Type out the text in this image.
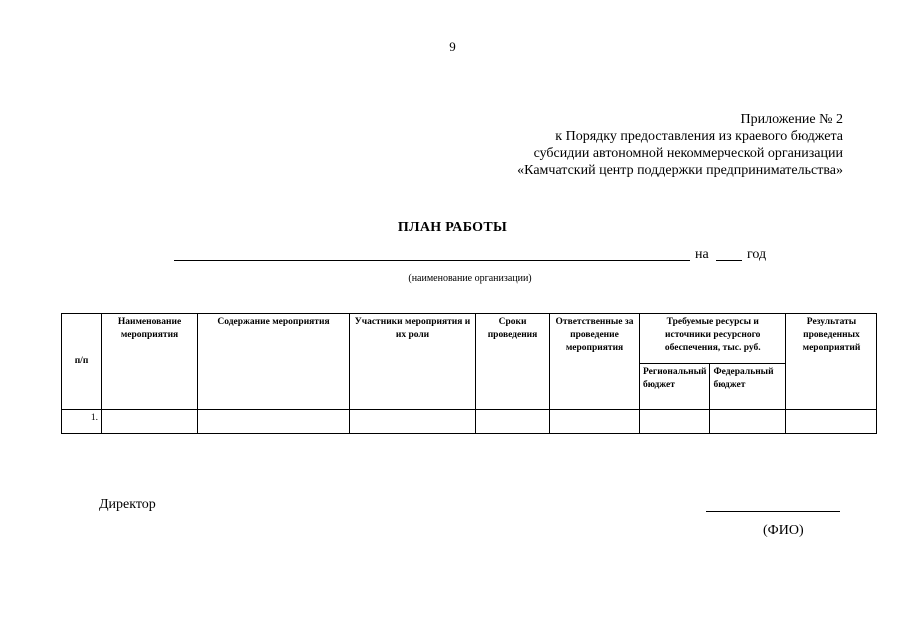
9
Приложение № 2
к Порядку предоставления из краевого бюджета
субсидии автономной некоммерческой организации
«Камчатский центр поддержки предпринимательства»
ПЛАН РАБОТЫ
на	год
(наименование организации)
п/п	Наименование мероприятия	Содержание мероприятия	Участники мероприятия и их роли	Сроки проведения	Ответственные за проведение мероприятия	Требуемые ресурсы и источники ресурсного обеспечения, тыс. руб.		Результаты проведенных мероприятий
						Региональный бюджет	Федеральный бюджет	
1.								
Директор
(ФИО)
